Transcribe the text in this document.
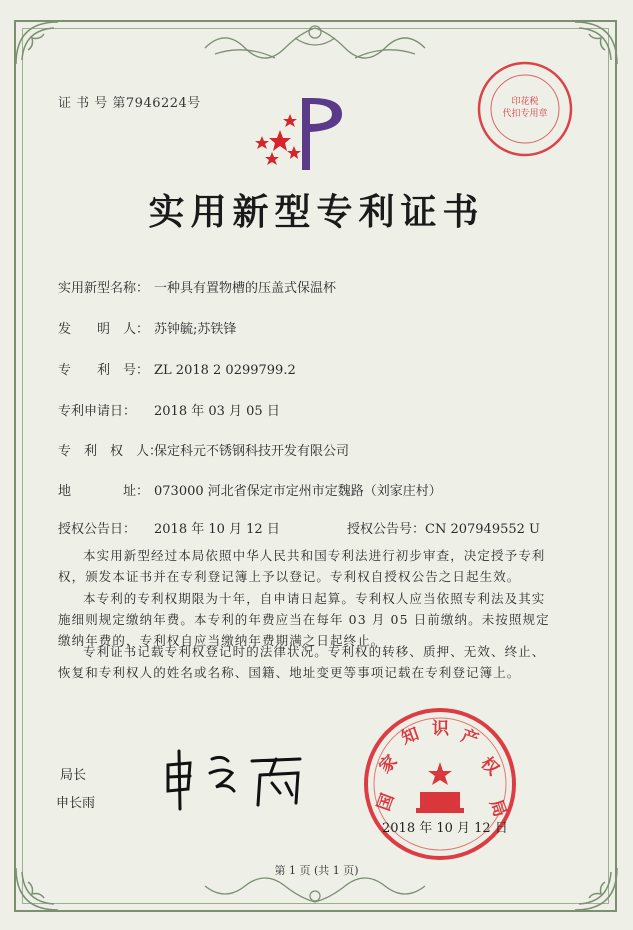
证 书 号 第7946224号	印花税
代扣专用章
实用新型专利证书
实用新型名称： 一种具有置物槽的压盖式保温杯
发　　明　人： 苏钟毓;苏铁锋
专　　利　号： ZL 2018 2 0299799.2
专利申请日： 2018 年 03 月 05 日
专　利　权　人：保定科元不锈钢科技开发有限公司
地　　　　址： 073000 河北省保定市定州市定魏路（刘家庄村）
授权公告日： 2018 年 10 月 12 日	授权公告号：CN 207949552 U
本实用新型经过本局依照中华人民共和国专利法进行初步审查，决定授予专利权，颁发本证书并在专利登记簿上予以登记。专利权自授权公告之日起生效。
本专利的专利权期限为十年，自申请日起算。专利权人应当依照专利法及其实施细则规定缴纳年费。本专利的年费应当在每年 03 月 05 日前缴纳。未按照规定缴纳年费的，专利权自应当缴纳年费期满之日起终止。
专利证书记载专利权登记时的法律状况。专利权的转移、质押、无效、终止、恢复和专利权人的姓名或名称、国籍、地址变更等事项记载在专利登记簿上。
局长
申长雨	国
家
知 识 产
权
局
2018 年 10 月 12 日
第 1 页 (共 1 页)
